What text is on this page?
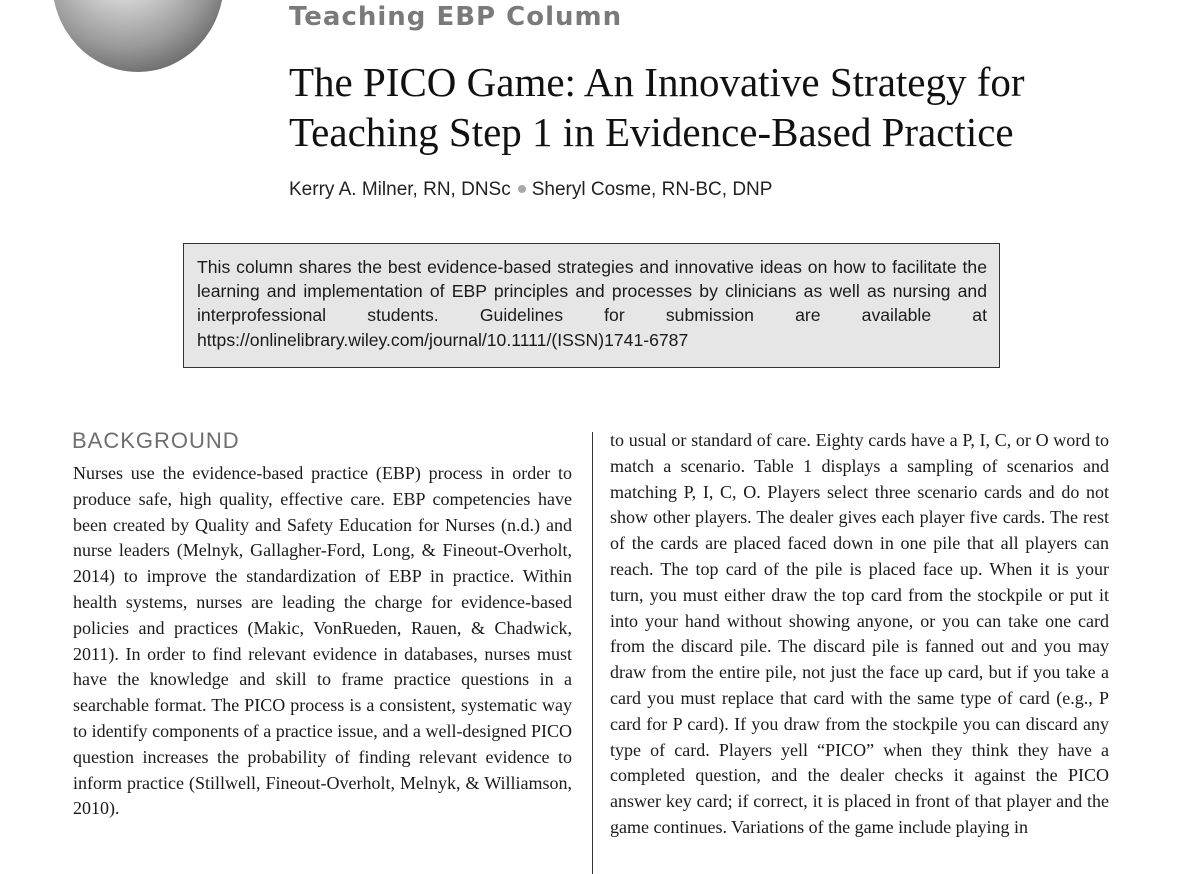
Teaching EBP Column
The PICO Game: An Innovative Strategy for Teaching Step 1 in Evidence-Based Practice
Kerry A. Milner, RN, DNSc Sheryl Cosme, RN-BC, DNP
This column shares the best evidence-based strategies and innovative ideas on how to facilitate the learning and implementation of EBP principles and processes by clinicians as well as nursing and interprofessional students. Guidelines for submission are available at https://onlinelibrary.wiley.com/journal/10.1111/(ISSN)1741-6787
BACKGROUND

Nurses use the evidence-based practice (EBP) process in order to produce safe, high quality, effective care. EBP competencies have been created by Quality and Safety Education for Nurses (n.d.) and nurse leaders (Melnyk, Gallagher-Ford, Long, & Fineout-Overholt, 2014) to improve the standardization of EBP in practice. Within health systems, nurses are leading the charge for evidence-based policies and practices (Makic, VonRueden, Rauen, & Chadwick, 2011). In order to find relevant evidence in databases, nurses must have the knowledge and skill to frame practice questions in a searchable format. The PICO process is a consistent, systematic way to identify components of a practice issue, and a well-designed PICO question increases the probability of finding relevant evidence to inform practice (Stillwell, Fineout-Overholt, Melnyk, & Williamson, 2010).

to usual or standard of care. Eighty cards have a P, I, C, or O word to match a scenario. Table 1 displays a sampling of scenarios and matching P, I, C, O. Players select three scenario cards and do not show other players. The dealer gives each player five cards. The rest of the cards are placed faced down in one pile that all players can reach. The top card of the pile is placed face up. When it is your turn, you must either draw the top card from the stockpile or put it into your hand without showing anyone, or you can take one card from the discard pile. The discard pile is fanned out and you may draw from the entire pile, not just the face up card, but if you take a card you must replace that card with the same type of card (e.g., P card for P card). If you draw from the stockpile you can discard any type of card. Players yell “PICO” when they think they have a completed question, and the dealer checks it against the PICO answer key card; if correct, it is placed in front of that player and the game continues. Variations of the game include playing in
